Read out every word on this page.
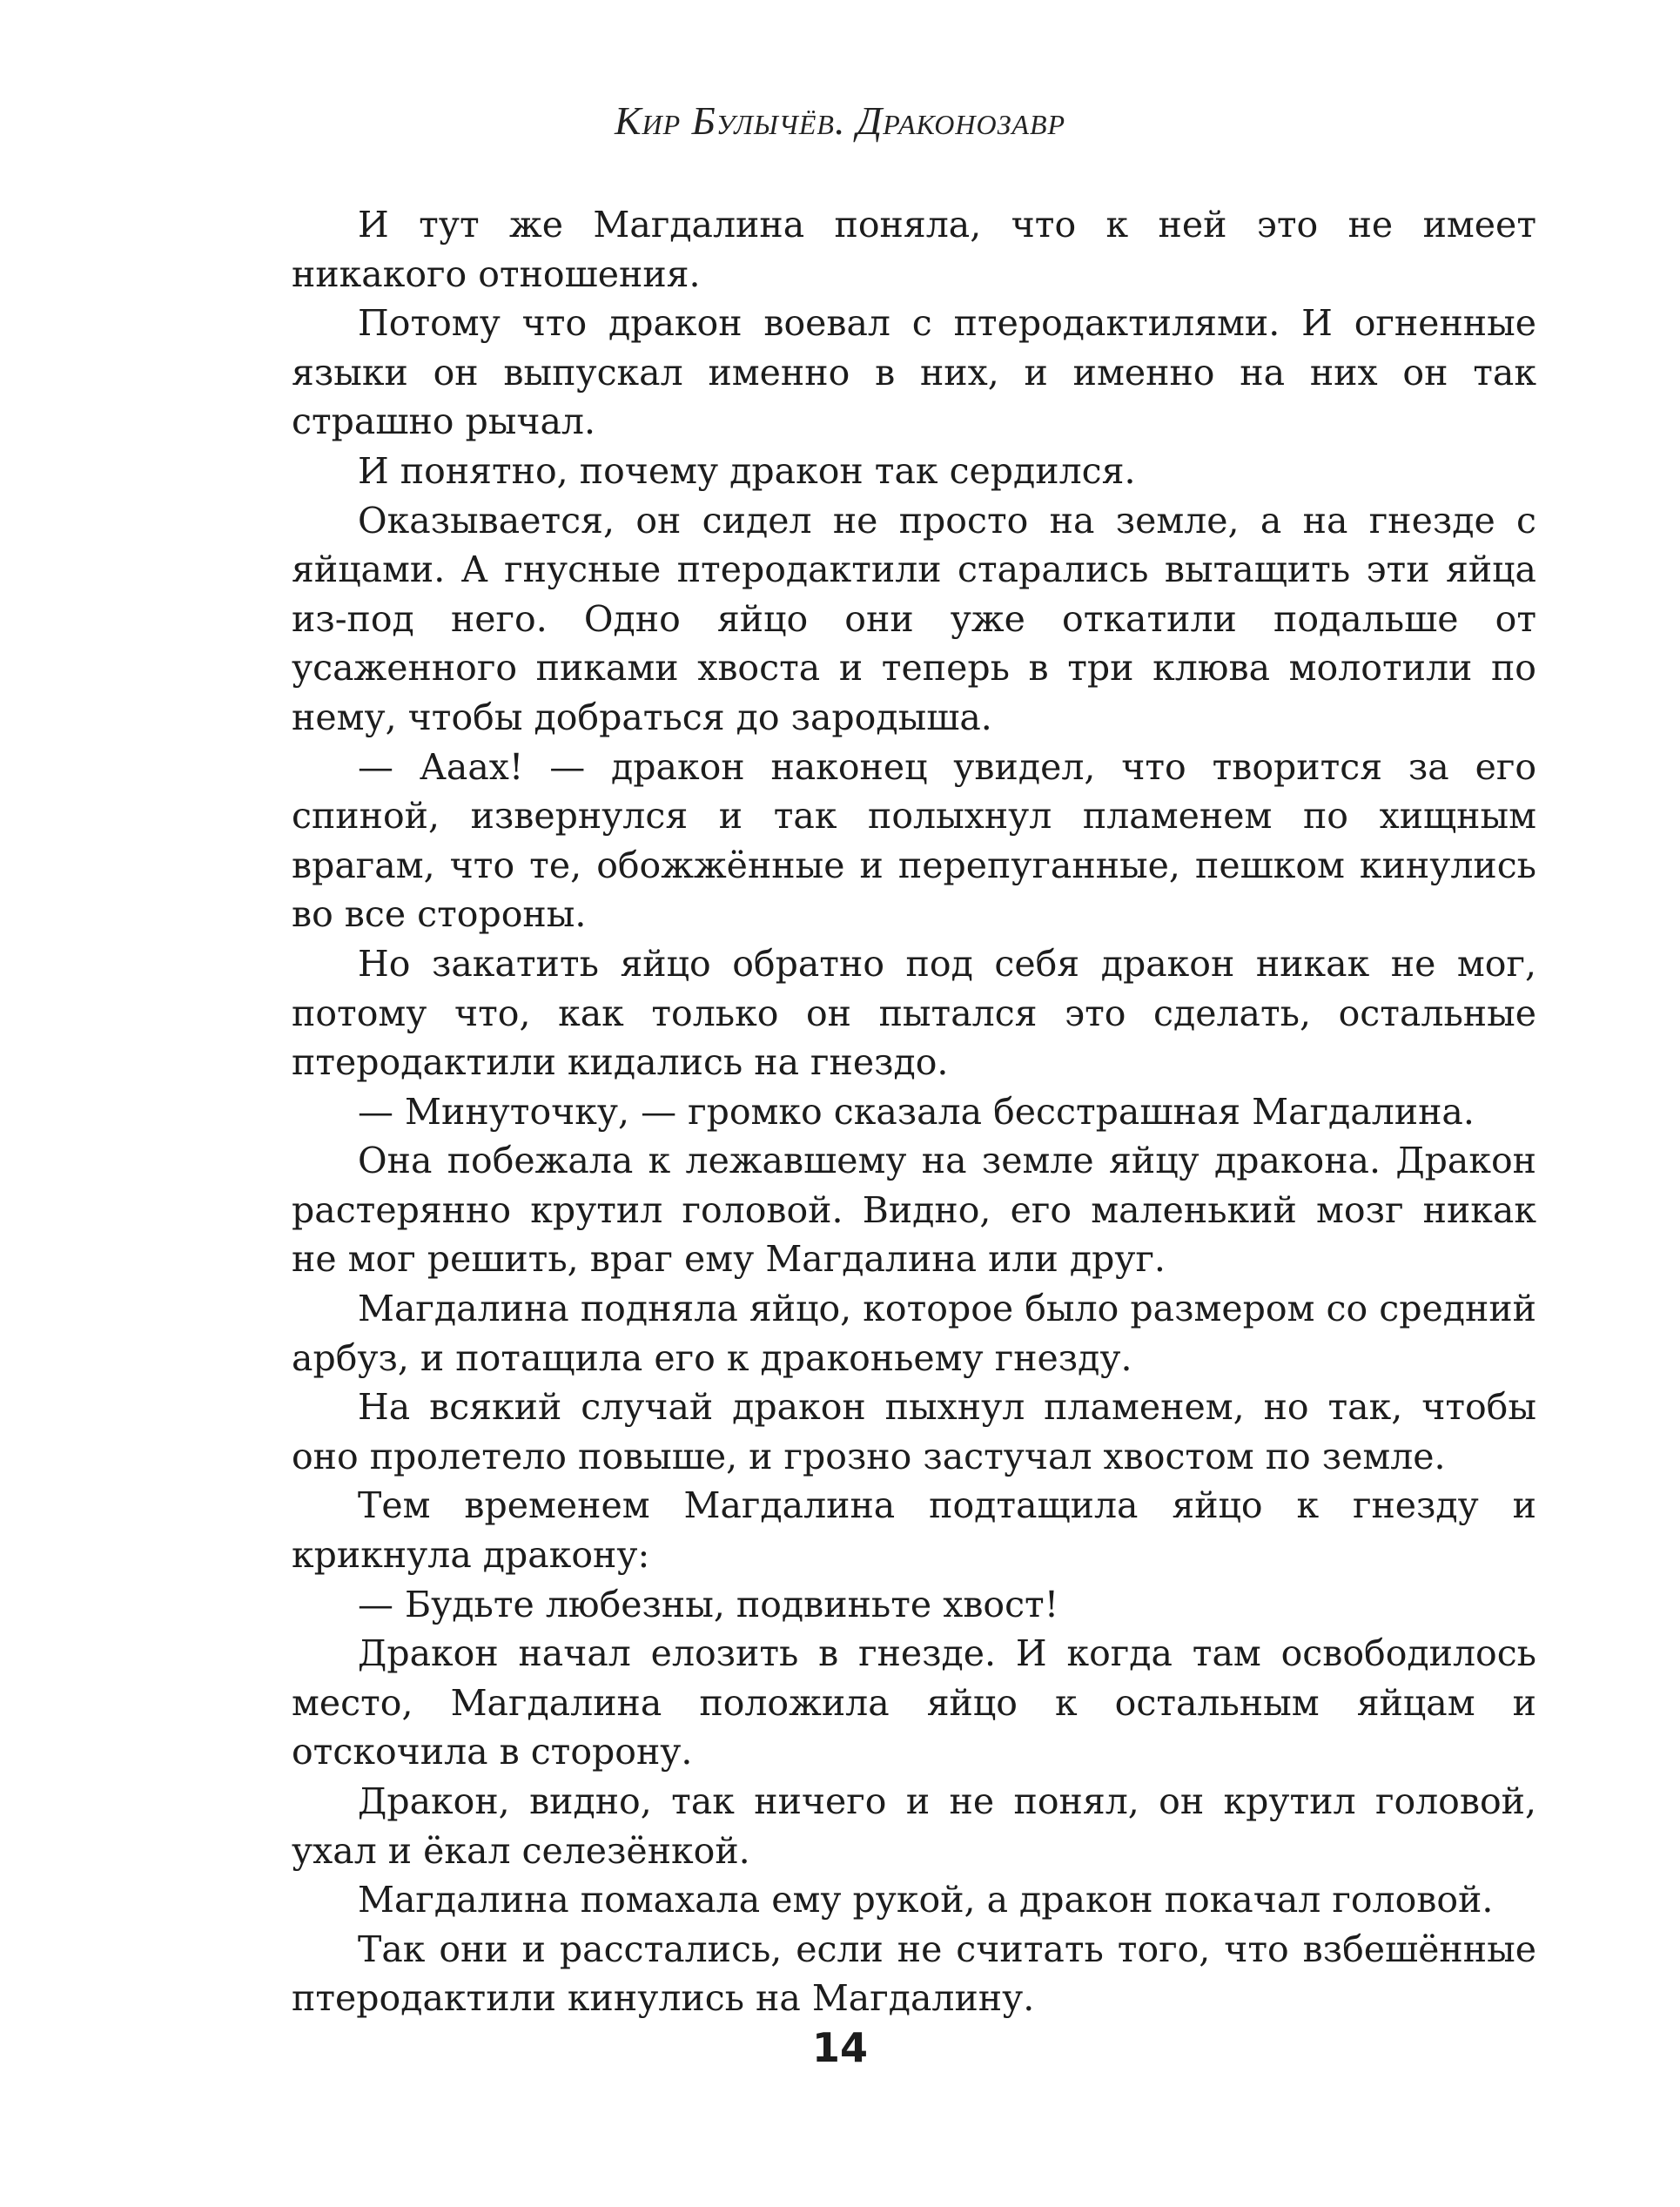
Кир Булычёв. Драконозавр

И тут же Магдалина поняла, что к ней это не имеет никакого отношения.

Потому что дракон воевал с птеродактилями. И огненные языки он выпускал именно в них, и именно на них он так страшно рычал.

И понятно, почему дракон так сердился.

Оказывается, он сидел не просто на земле, а на гнезде с яйцами. А гнусные птеродактили старались вытащить эти яйца из-под него. Одно яйцо они уже откатили подальше от усаженного пиками хвоста и теперь в три клюва молотили по нему, чтобы добраться до зародыша.

— Ааах! — дракон наконец увидел, что творится за его спиной, извернулся и так полыхнул пламенем по хищным врагам, что те, обожжённые и перепуганные, пешком кинулись во все стороны.

Но закатить яйцо обратно под себя дракон никак не мог, потому что, как только он пытался это сделать, остальные птеродактили кидались на гнездо.

— Минуточку, — громко сказала бесстрашная Магдалина.

Она побежала к лежавшему на земле яйцу дракона. Дракон растерянно крутил головой. Видно, его маленький мозг никак не мог решить, враг ему Магдалина или друг.

Магдалина подняла яйцо, которое было размером со средний арбуз, и потащила его к драконьему гнезду.

На всякий случай дракон пыхнул пламенем, но так, чтобы оно пролетело повыше, и грозно застучал хвостом по земле.

Тем временем Магдалина подтащила яйцо к гнезду и крикнула дракону:

— Будьте любезны, подвиньте хвост!

Дракон начал елозить в гнезде. И когда там освободилось место, Магдалина положила яйцо к остальным яйцам и отскочила в сторону.

Дракон, видно, так ничего и не понял, он крутил головой, ухал и ёкал селезёнкой.

Магдалина помахала ему рукой, а дракон покачал головой.

Так они и расстались, если не считать того, что взбешённые птеродактили кинулись на Магдалину.

14
